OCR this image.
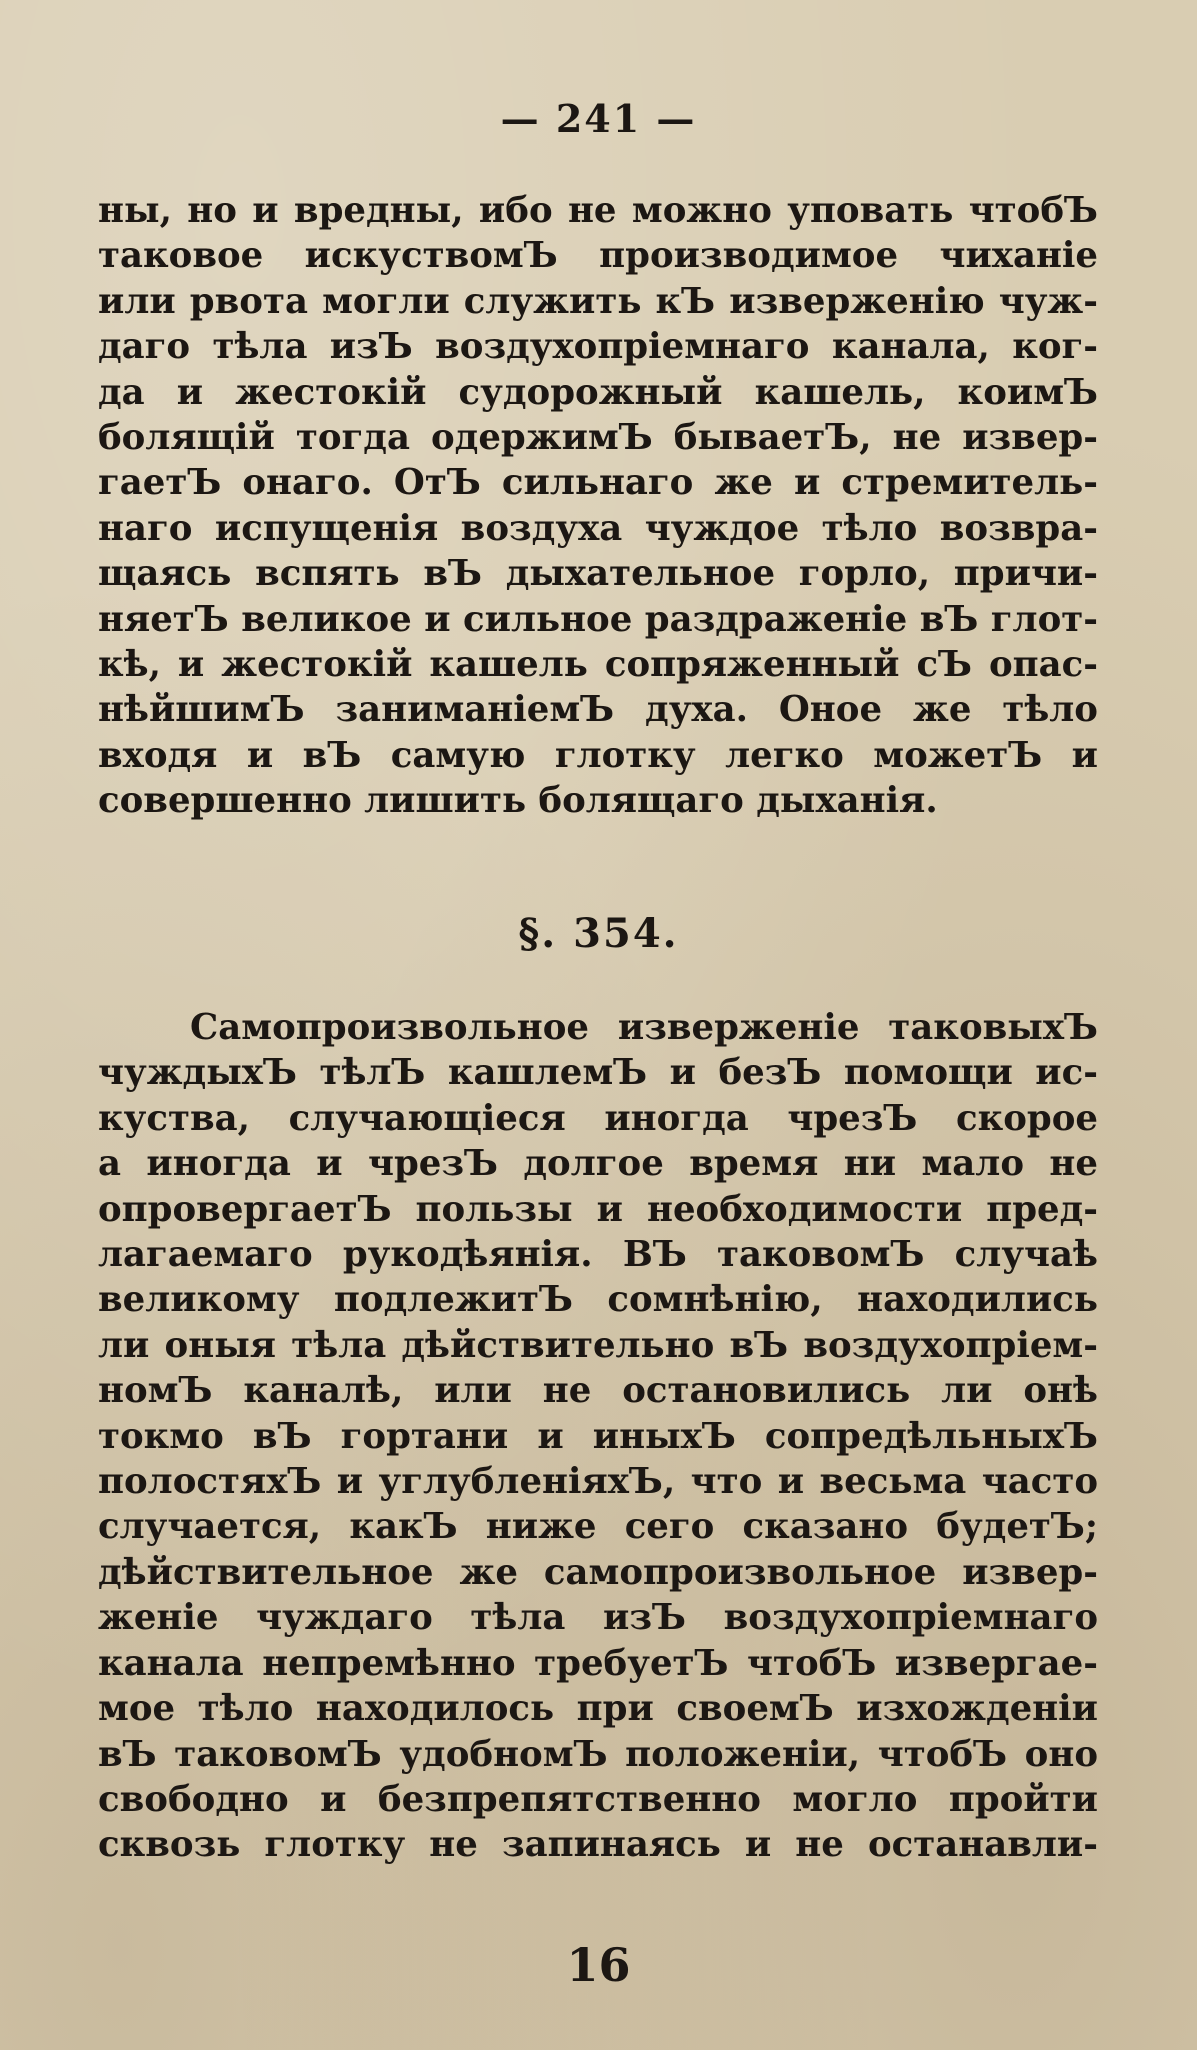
— 241 —
ны, но и вредны, ибо не можно уповать чтобЪ
таковое искуствомЪ производимое чиханіе
или рвота могли служить кЪ изверженію чуж-
даго тѣла изЪ воздухопріемнаго канала, ког-
да и жестокій судорожный кашель, коимЪ
болящій тогда одержимЪ бываетЪ, не извер-
гаетЪ онаго. ОтЪ сильнаго же и стремитель-
наго испущенія воздуха чуждое тѣло возвра-
щаясь вспять вЪ дыхательное горло, причи-
няетЪ великое и сильное раздраженіе вЪ глот-
кѣ, и жестокій кашель сопряженный сЪ опас-
нѣйшимЪ заниманіемЪ духа. Оное же тѣло
входя и вЪ самую глотку легко можетЪ и
совершенно лишить болящаго дыханія.
§. 354.
Самопроизвольное изверженіе таковыхЪ
чуждыхЪ тѣлЪ кашлемЪ и безЪ помощи ис-
куства, случающіеся иногда чрезЪ скорое
а иногда и чрезЪ долгое время ни мало не
опровергаетЪ пользы и необходимости пред-
лагаемаго рукодѣянія. ВЪ таковомЪ случаѣ
великому подлежитЪ сомнѣнію, находились
ли оныя тѣла дѣйствительно вЪ воздухопріем-
номЪ каналѣ, или не остановились ли онѣ
токмо вЪ гортани и иныхЪ сопредѣльныхЪ
полостяхЪ и углубленіяхЪ, что и весьма часто
случается, какЪ ниже сего сказано будетЪ;
дѣйствительное же самопроизвольное извер-
женіе чуждаго тѣла изЪ воздухопріемнаго
канала непремѣнно требуетЪ чтобЪ извергае-
мое тѣло находилось при своемЪ изхожденіи
вЪ таковомЪ удобномЪ положеніи, чтобЪ оно
свободно и безпрепятственно могло пройти
сквозь глотку не запинаясь и не останавли-
16
